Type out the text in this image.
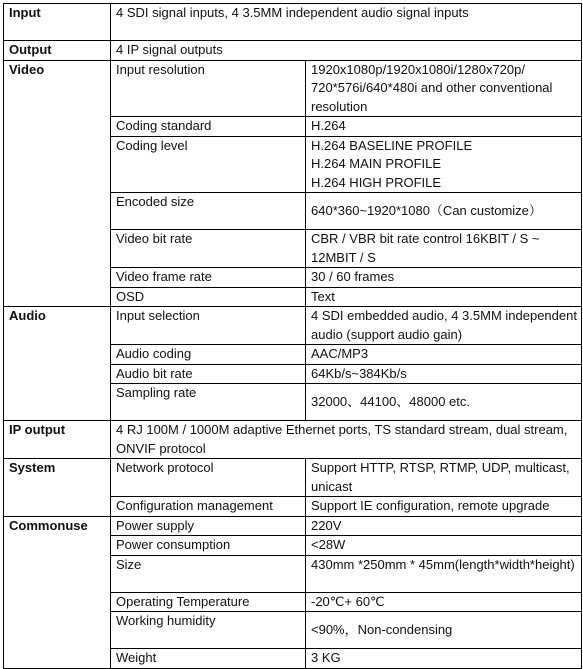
Input	4 SDI signal inputs, 4 3.5MM independent audio signal inputs	
Output	4 IP signal outputs	
Video	Input resolution	1920x1080p/1920x1080i/1280x720p/ 720*576i/640*480i and other conventional resolution
	Coding standard	H.264
	Coding level	H.264 BASELINE PROFILE
H.264 MAIN PROFILE
H.264 HIGH PROFILE
	Encoded size	640*360~1920*1080（Can customize）
	Video bit rate	CBR / VBR bit rate control 16KBIT / S ~ 12MBIT / S
	Video frame rate	30 / 60 frames
	OSD	Text
Audio	Input selection	4 SDI embedded audio, 4 3.5MM independent audio (support audio gain)
	Audio coding	AAC/MP3
	Audio bit rate	64Kb/s~384Kb/s
	Sampling rate	32000、44100、48000 etc.
IP output	4 RJ 100M / 1000M adaptive Ethernet ports, TS standard stream, dual stream, ONVIF protocol	
System	Network protocol	Support HTTP, RTSP, RTMP, UDP, multicast, unicast
	Configuration management	Support IE configuration, remote upgrade
Commonuse	Power supply	220V
	Power consumption	<28W
	Size	430mm *250mm * 45mm(length*width*height)
	Operating Temperature	-20℃+ 60℃
	Working humidity	<90%，Non-condensing
	Weight	3 KG
